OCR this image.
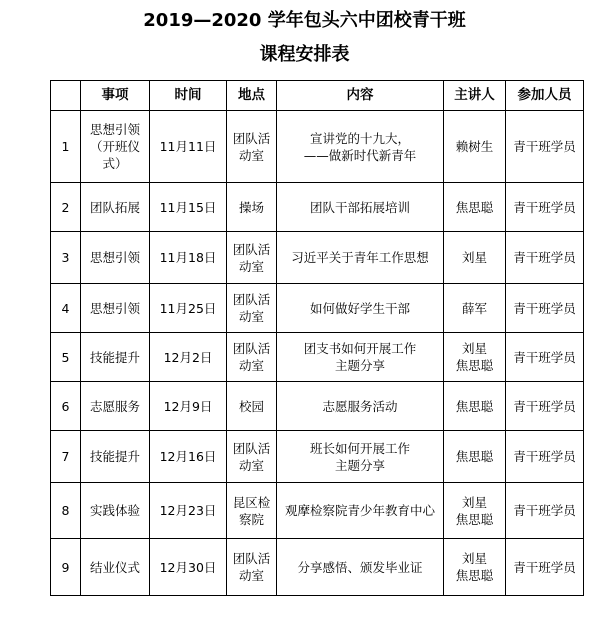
2019—2020 学年包头六中团校青干班
课程安排表
	事项	时间	地点	内容	主讲人	参加人员
1	思想引领（开班仪式）	11月11日	团队活动室	宣讲党的十九大，
——做新时代新青年	赖树生	青干班学员
2	团队拓展	11月15日	操场	团队干部拓展培训	焦思聪	青干班学员
3	思想引领	11月18日	团队活动室	习近平关于青年工作思想	刘星	青干班学员
4	思想引领	11月25日	团队活动室	如何做好学生干部	薛军	青干班学员
5	技能提升	12月2日	团队活动室	团支书如何开展工作
主题分享	刘星
焦思聪	青干班学员
6	志愿服务	12月9日	校园	志愿服务活动	焦思聪	青干班学员
7	技能提升	12月16日	团队活动室	班长如何开展工作
主题分享	焦思聪	青干班学员
8	实践体验	12月23日	昆区检察院	观摩检察院青少年教育中心	刘星
焦思聪	青干班学员
9	结业仪式	12月30日	团队活动室	分享感悟、颁发毕业证	刘星
焦思聪	青干班学员
